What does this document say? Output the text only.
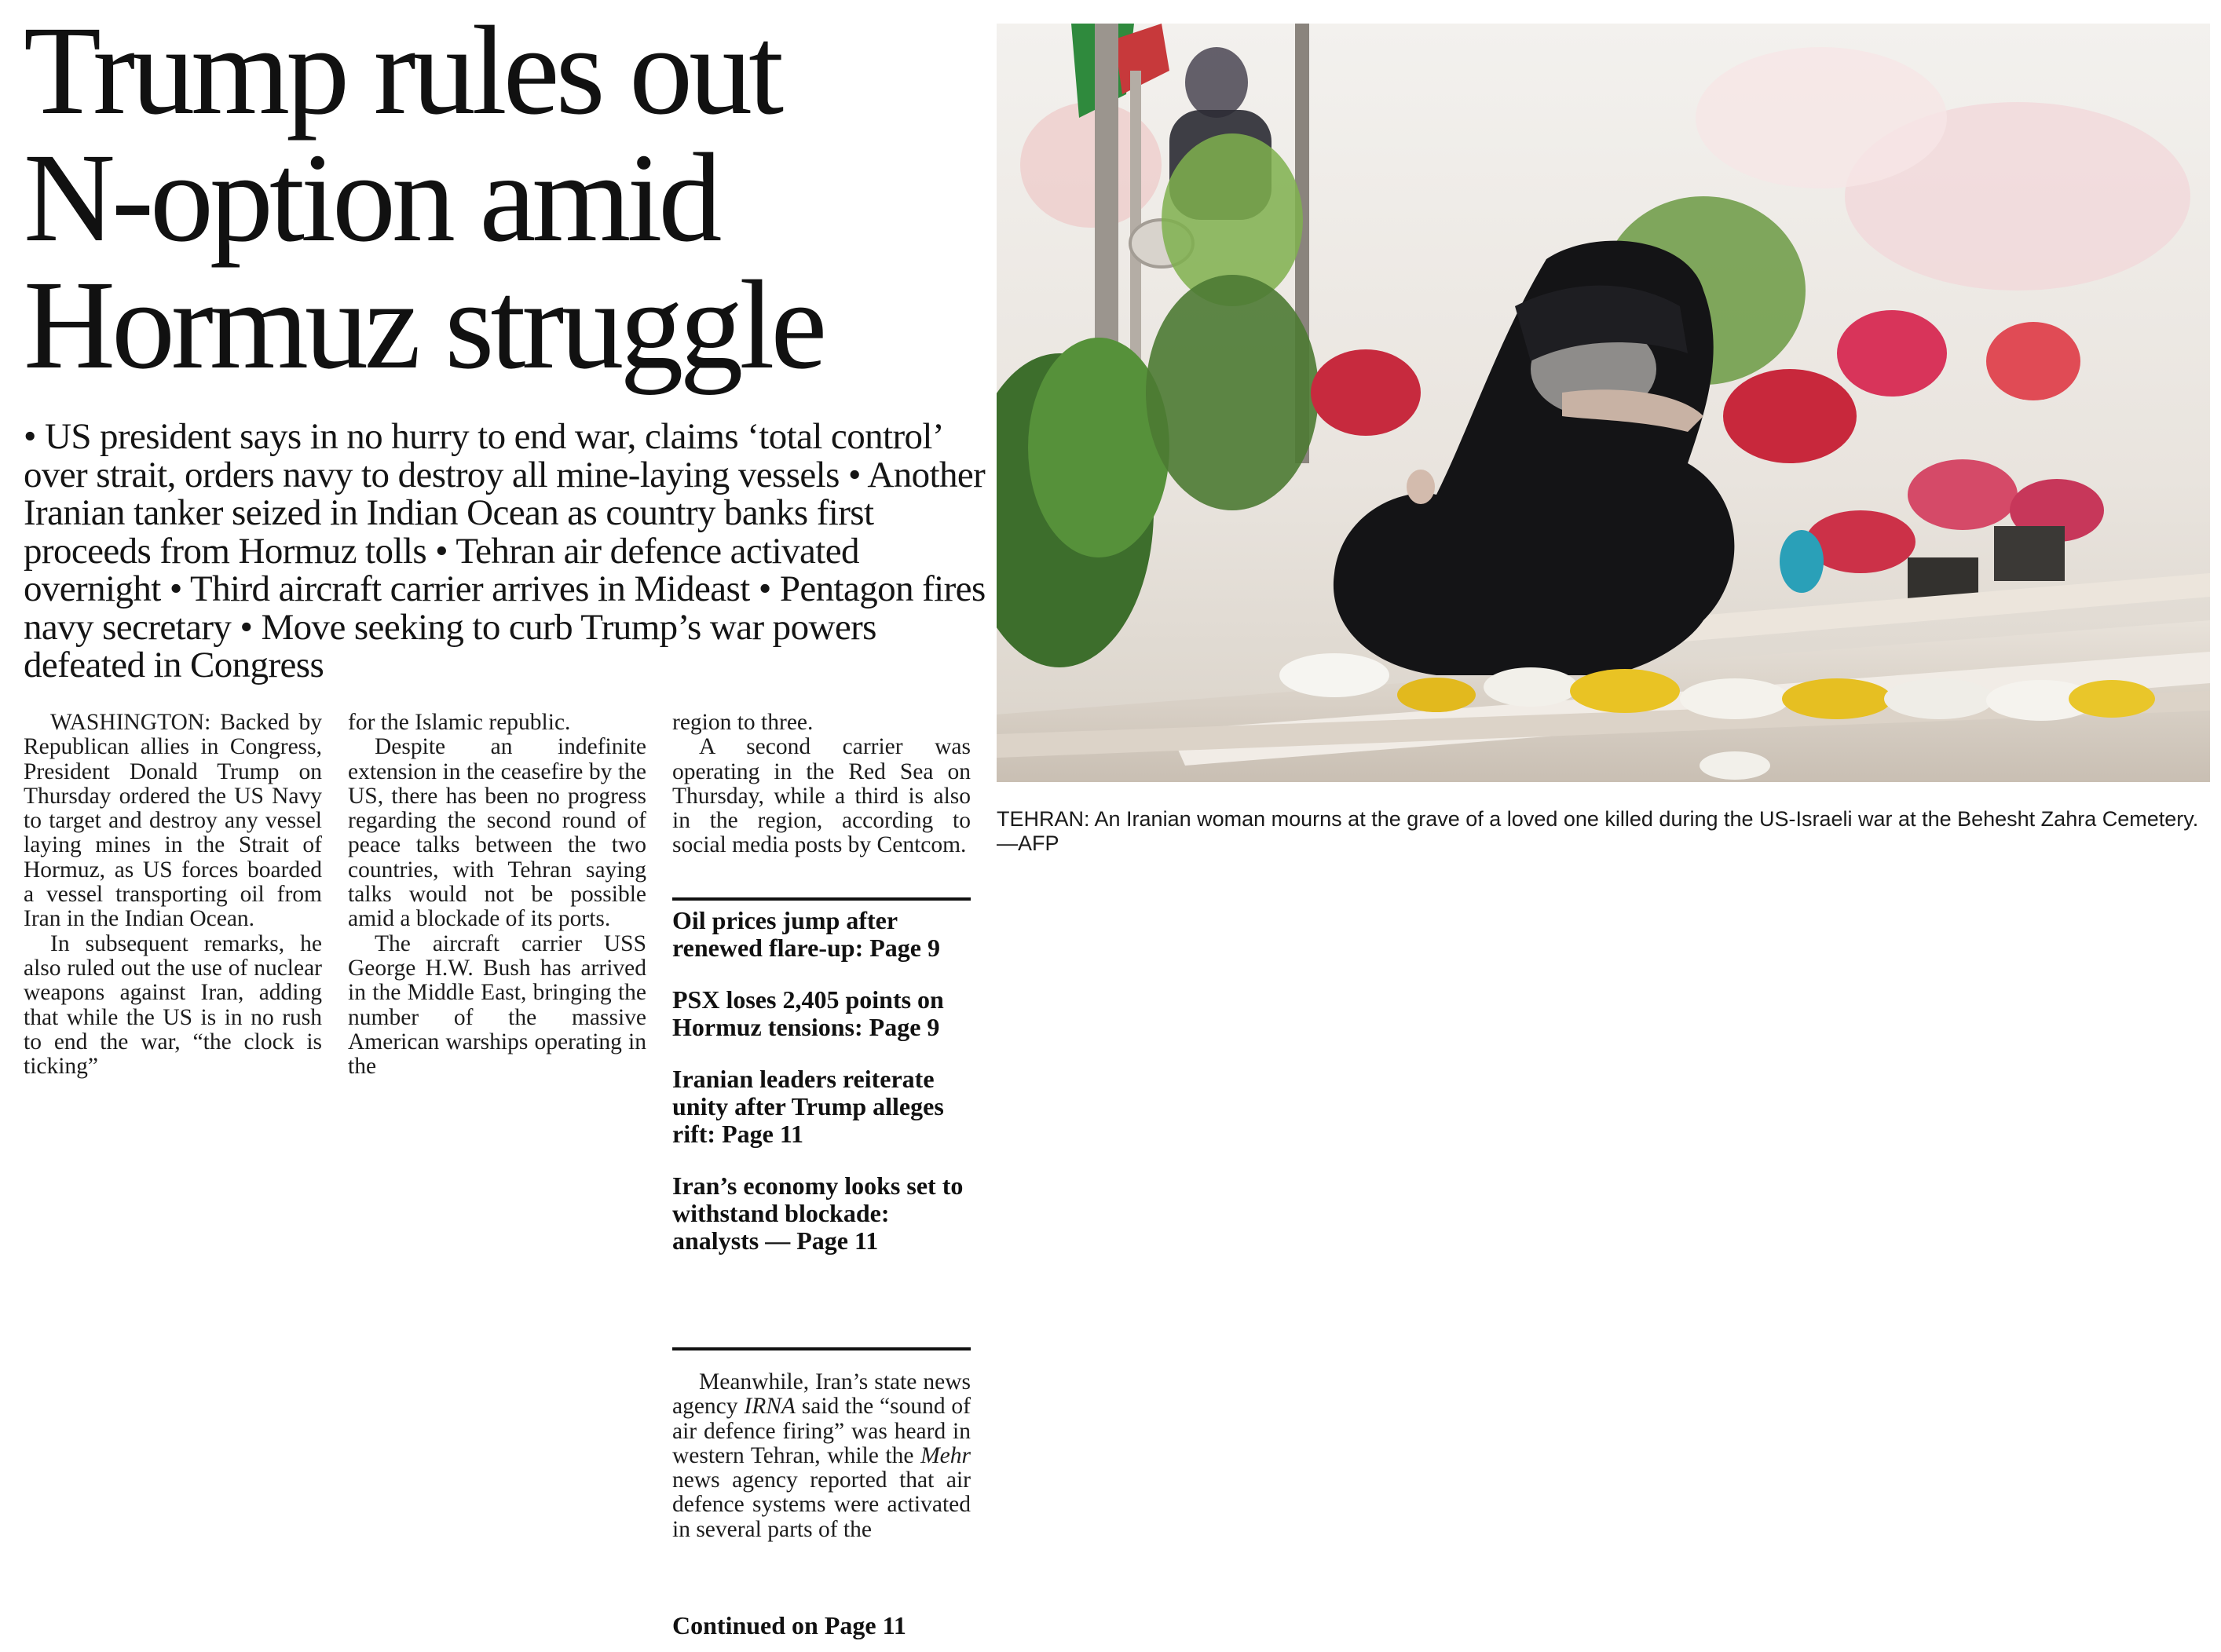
Trump rules out
N-option amid
Hormuz struggle

• US president says in no hurry to end war, claims ‘total control’ over strait, orders navy to destroy all mine-laying vessels • Another Iranian tanker seized in Indian Ocean as country banks first proceeds from Hormuz tolls • Tehran air defence activated overnight • Third aircraft carrier arrives in Mideast • Pentagon fires navy secretary • Move seeking to curb Trump’s war powers defeated in Congress

WASHINGTON: Backed by Republican allies in Congress, President Donald Trump on Thursday ordered the US Navy to target and destroy any vessel laying mines in the Strait of Hormuz, as US forces boarded a vessel transporting oil from Iran in the Indian Ocean.

In subsequent remarks, he also ruled out the use of nuclear weapons against Iran, adding that while the US is in no rush to end the war, “the clock is ticking”

for the Islamic republic.

Despite an indefinite extension in the ceasefire by the US, there has been no progress regarding the second round of peace talks between the two countries, with Tehran saying talks would not be possible amid a blockade of its ports.

The aircraft carrier USS George H.W. Bush has arrived in the Middle East, bringing the number of the massive American warships operating in the

region to three.

A second carrier was operating in the Red Sea on Thursday, while a third is also in the region, according to social media posts by Centcom.

Oil prices jump after renewed flare-up: Page 9

PSX loses 2,405 points on Hormuz tensions: Page 9

Iranian leaders reiterate unity after Trump alleges rift: Page 11

Iran’s economy looks set to withstand blockade: analysts — Page 11

Meanwhile, Iran’s state news agency IRNA said the “sound of air defence firing” was heard in western Tehran, while the Mehr news agency reported that air defence systems were activated in several parts of the

Continued on Page 11
TEHRAN: An Iranian woman mourns at the grave of a loved one killed during the US-Israeli war at the Behesht Zahra Cemetery.—AFP
